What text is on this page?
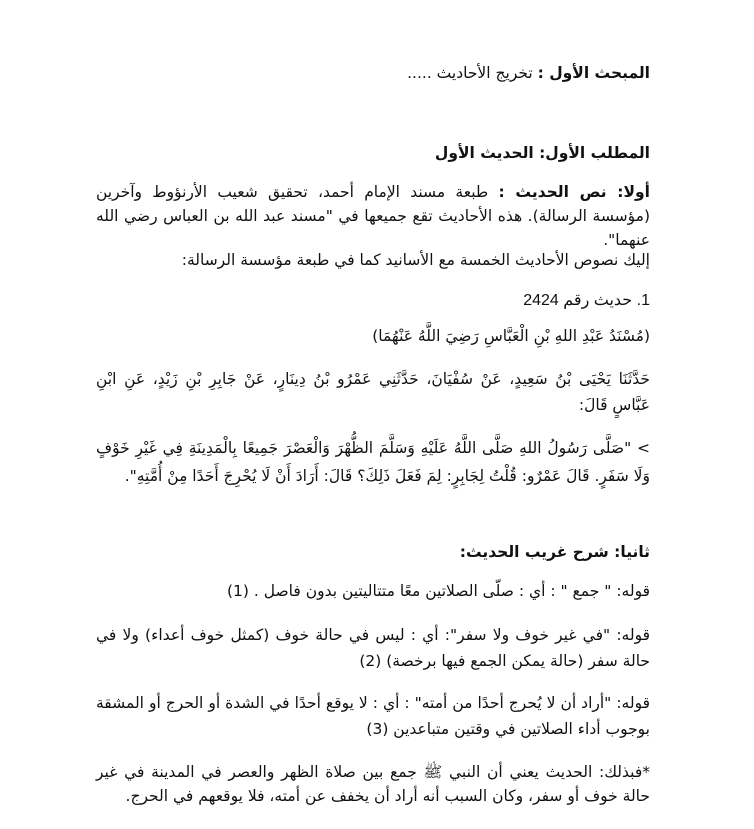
المبحث الأول : تخريج الأحاديث .....
المطلب الأول: الحديث الأول
أولا: نص الحديث : طبعة مسند الإمام أحمد، تحقيق شعيب الأرنؤوط وآخرين (مؤسسة الرسالة). هذه الأحاديث تقع جميعها في "مسند عبد الله بن العباس رضي الله عنهما".
إليك نصوص الأحاديث الخمسة مع الأسانيد كما في طبعة مؤسسة الرسالة:
1. حديث رقم 2424
(مُسْنَدُ عَبْدِ اللهِ بْنِ الْعَبَّاسِ رَضِيَ اللَّهُ عَنْهُمَا)
حَدَّثَنَا يَحْيَى بْنُ سَعِيدٍ، عَنْ سُفْيَانَ، حَدَّثَنِي عَمْرُو بْنُ دِينَارٍ، عَنْ جَابِرِ بْنِ زَيْدٍ، عَنِ ابْنِ عَبَّاسٍ قَالَ:
> "صَلَّى رَسُولُ اللهِ صَلَّى اللَّهُ عَلَيْهِ وَسَلَّمَ الظُّهْرَ وَالْعَصْرَ جَمِيعًا بِالْمَدِينَةِ فِي غَيْرِ خَوْفٍ وَلَا سَفَرٍ. قَالَ عَمْرٌو: قُلْتُ لِجَابِرٍ: لِمَ فَعَلَ ذَلِكَ؟ قَالَ: أَرَادَ أَنْ لَا يُحْرِجَ أَحَدًا مِنْ أُمَّتِهِ".
ثانيا: شرح غريب الحديث:
قوله: " جمع " : أي : صلّى الصلاتين معًا متتاليتين بدون فاصل . (1)
قوله: "في غير خوف ولا سفر": أي : ليس في حالة خوف (كمثل خوف أعداء) ولا في حالة سفر (حالة يمكن الجمع فيها برخصة) (2)
قوله: "أراد أن لا يُحرج أحدًا من أمته" : أي : لا يوقع أحدًا في الشدة أو الحرج أو المشقة بوجوب أداء الصلاتين في وقتين متباعدين (3)
*فبذلك: الحديث يعني أن النبي ﷺ جمع بين صلاة الظهر والعصر في المدينة في غير حالة خوف أو سفر، وكان السبب أنه أراد أن يخفف عن أمته، فلا يوقعهم في الحرج.
